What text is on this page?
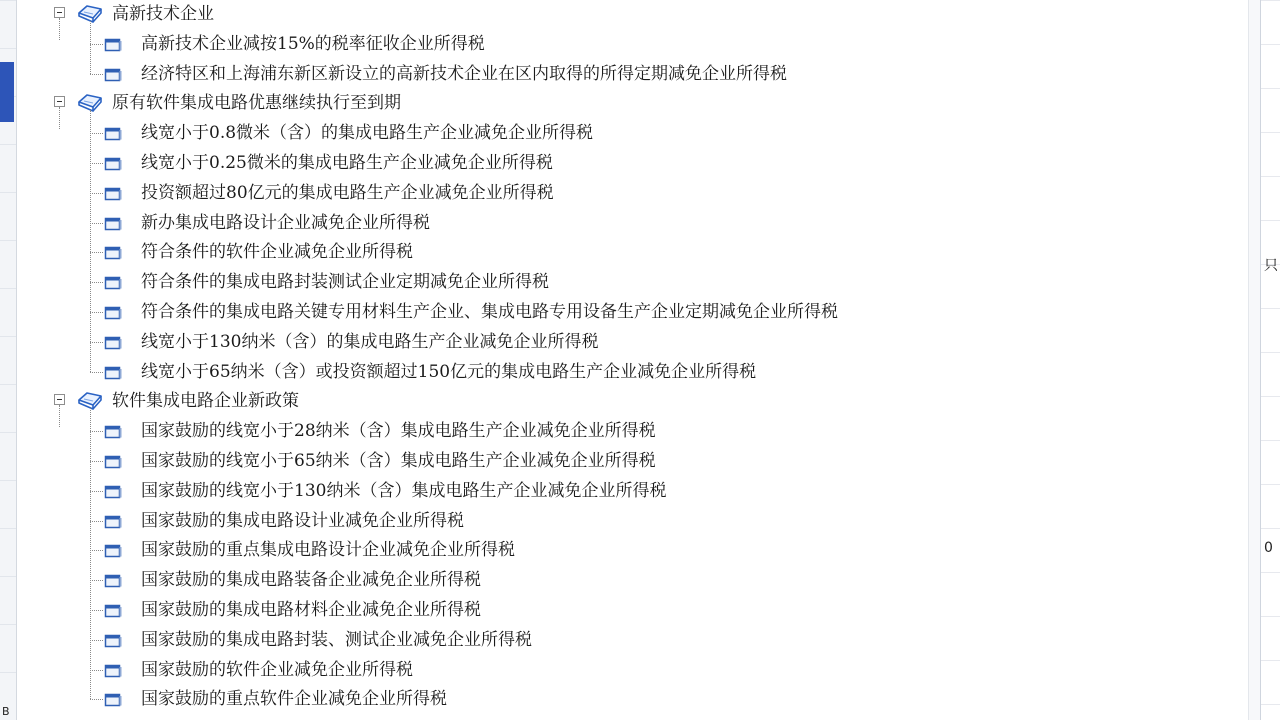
B
高新技术企业
高新技术企业减按15%的税率征收企业所得税
经济特区和上海浦东新区新设立的高新技术企业在区内取得的所得定期减免企业所得税
原有软件集成电路优惠继续执行至到期
线宽小于0.8微米（含）的集成电路生产企业减免企业所得税
线宽小于0.25微米的集成电路生产企业减免企业所得税
投资额超过80亿元的集成电路生产企业减免企业所得税
新办集成电路设计企业减免企业所得税
符合条件的软件企业减免企业所得税
符合条件的集成电路封装测试企业定期减免企业所得税
符合条件的集成电路关键专用材料生产企业、集成电路专用设备生产企业定期减免企业所得税
线宽小于130纳米（含）的集成电路生产企业减免企业所得税
线宽小于65纳米（含）或投资额超过150亿元的集成电路生产企业减免企业所得税
软件集成电路企业新政策
国家鼓励的线宽小于28纳米（含）集成电路生产企业减免企业所得税
国家鼓励的线宽小于65纳米（含）集成电路生产企业减免企业所得税
国家鼓励的线宽小于130纳米（含）集成电路生产企业减免企业所得税
国家鼓励的集成电路设计业减免企业所得税
国家鼓励的重点集成电路设计企业减免企业所得税
国家鼓励的集成电路装备企业减免企业所得税
国家鼓励的集成电路材料企业减免企业所得税
国家鼓励的集成电路封装、测试企业减免企业所得税
国家鼓励的软件企业减免企业所得税
国家鼓励的重点软件企业减免企业所得税
只
0
